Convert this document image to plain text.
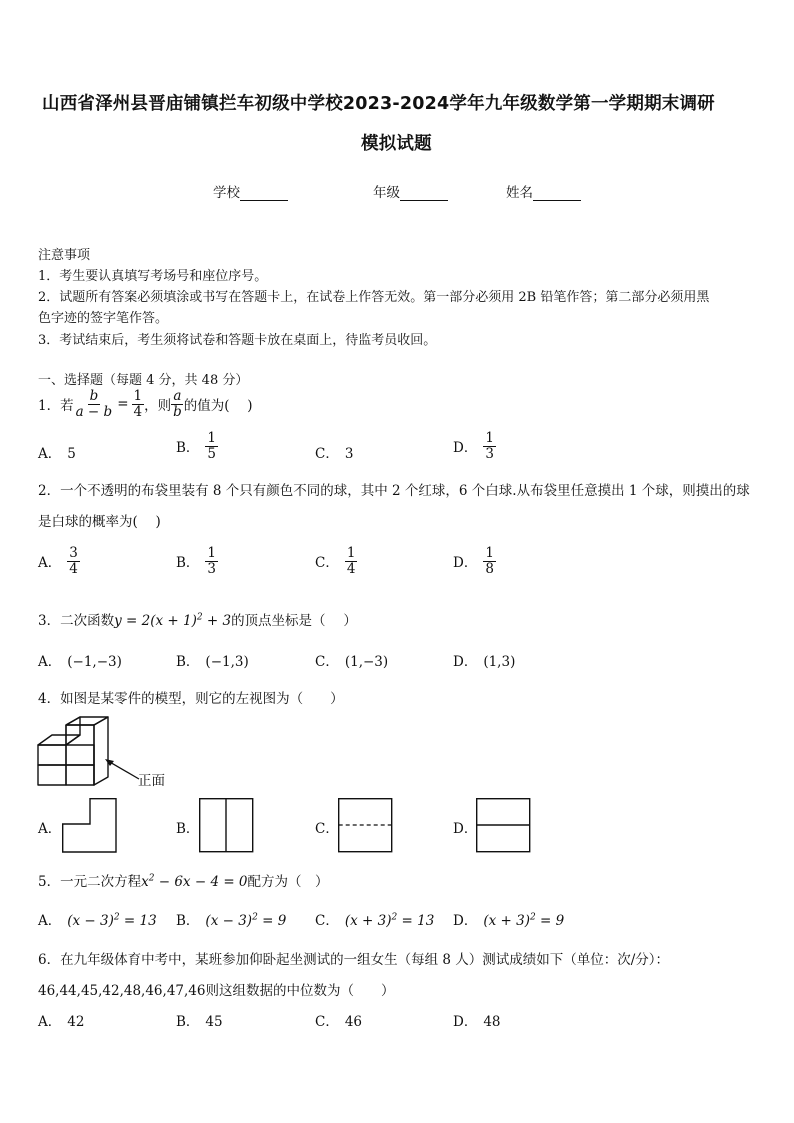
山西省泽州县晋庙铺镇拦车初级中学校2023-2024学年九年级数学第一学期期末调研
模拟试题
学校	年级	姓名
注意事项
1．考生要认真填写考场号和座位序号。
2．试题所有答案必须填涂或书写在答题卡上，在试卷上作答无效。第一部分必须用 2B 铅笔作答；第二部分必须用黑
色字迹的签字笔作答。
3．考试结束后，考生须将试卷和答题卡放在桌面上，待监考员收回。
一、选择题（每题 4 分，共 48 分）
1．若 $\frac{b}{a - b} = \frac{1}{4}$ ，则 $\frac{a}{b}$ 的值为(　 )
A． 5	B． $\frac{1}{5}$	C． 3	D． $\frac{1}{3}$
2．一个不透明的布袋里装有 8 个只有颜色不同的球，其中 2 个红球，6 个白球.从布袋里任意摸出 1 个球，则摸出的球
是白球的概率为(　 )
A． $\frac{3}{4}$	B． $\frac{1}{3}$	C． $\frac{1}{4}$	D． $\frac{1}{8}$
3．二次函数$y = 2(x + 1)^2 + 3$的顶点坐标是（　 ）
A． (−1,−3)	B． (−1,3)	C． (1,−3)	D． (1,3)
4．如图是某零件的模型，则它的左视图为（　　）
正面
A．	B．	C．	D．
5．一元二次方程$x^2 - 6x - 4 = 0$配方为（　）
A． $(x - 3)^2 = 13$ B． $(x - 3)^2 = 9$ C． $(x + 3)^2 = 13$ D． $(x + 3)^2 = 9$
6．在九年级体育中考中，某班参加仰卧起坐测试的一组女生（每组 8 人）测试成绩如下（单位：次/分）：
46,44,45,42,48,46,47,46则这组数据的中位数为（　　）
A． 42	B． 45	C． 46	D． 48
